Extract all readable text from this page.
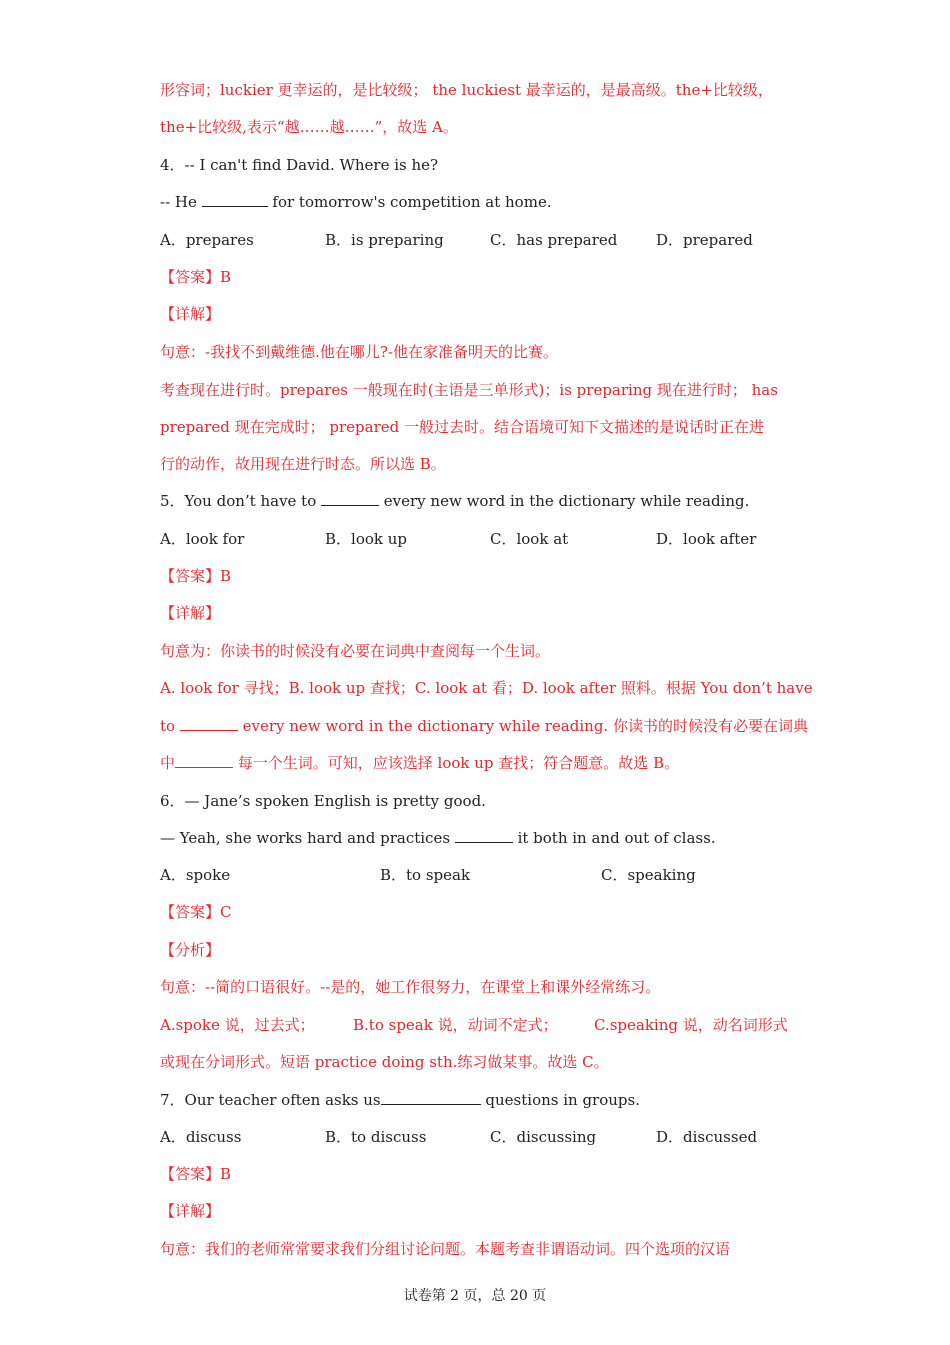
形容词；luckier 更幸运的，是比较级； the luckiest 最幸运的，是最高级。the+比较级，
the+比较级,表示“越……越……”，故选 A。
4．-- I can't find David. Where is he?
-- He	for tomorrow's competition at home.
A．prepares	B．is preparing	C．has prepared	D．prepared
【答案】B
【详解】
句意：-我找不到戴维德.他在哪儿?-他在家准备明天的比赛。
考查现在进行时。prepares 一般现在时(主语是三单形式)；is preparing 现在进行时； has
prepared 现在完成时； prepared 一般过去时。结合语境可知下文描述的是说话时正在进
行的动作，故用现在进行时态。所以选 B。
5．You don’t have to	every new word in the dictionary while reading.
A．look for	B．look up	C．look at	D．look after
【答案】B
【详解】
句意为：你读书的时候没有必要在词典中查阅每一个生词。
A. look for 寻找；B. look up 查找；C. look at 看；D. look after 照料。根据 You don’t have
to	every new word in the dictionary while reading. 你读书的时候没有必要在词典
中	每一个生词。可知，应该选择 look up 查找；符合题意。故选 B。
6．— Jane’s spoken English is pretty good.
— Yeah, she works hard and practices	it both in and out of class.
A．spoke	B．to speak	C．speaking
【答案】C
【分析】
句意：--简的口语很好。--是的，她工作很努力，在课堂上和课外经常练习。
A.spoke 说，过去式；	B.to speak 说，动词不定式； C.speaking 说，动名词形式
或现在分词形式。短语 practice doing sth.练习做某事。故选 C。
7．Our teacher often asks us	questions in groups.
A．discuss	B．to discuss	C．discussing	D．discussed
【答案】B
【详解】
句意：我们的老师常常要求我们分组讨论问题。本题考查非谓语动词。四个选项的汉语
试卷第 2 页，总 20 页
